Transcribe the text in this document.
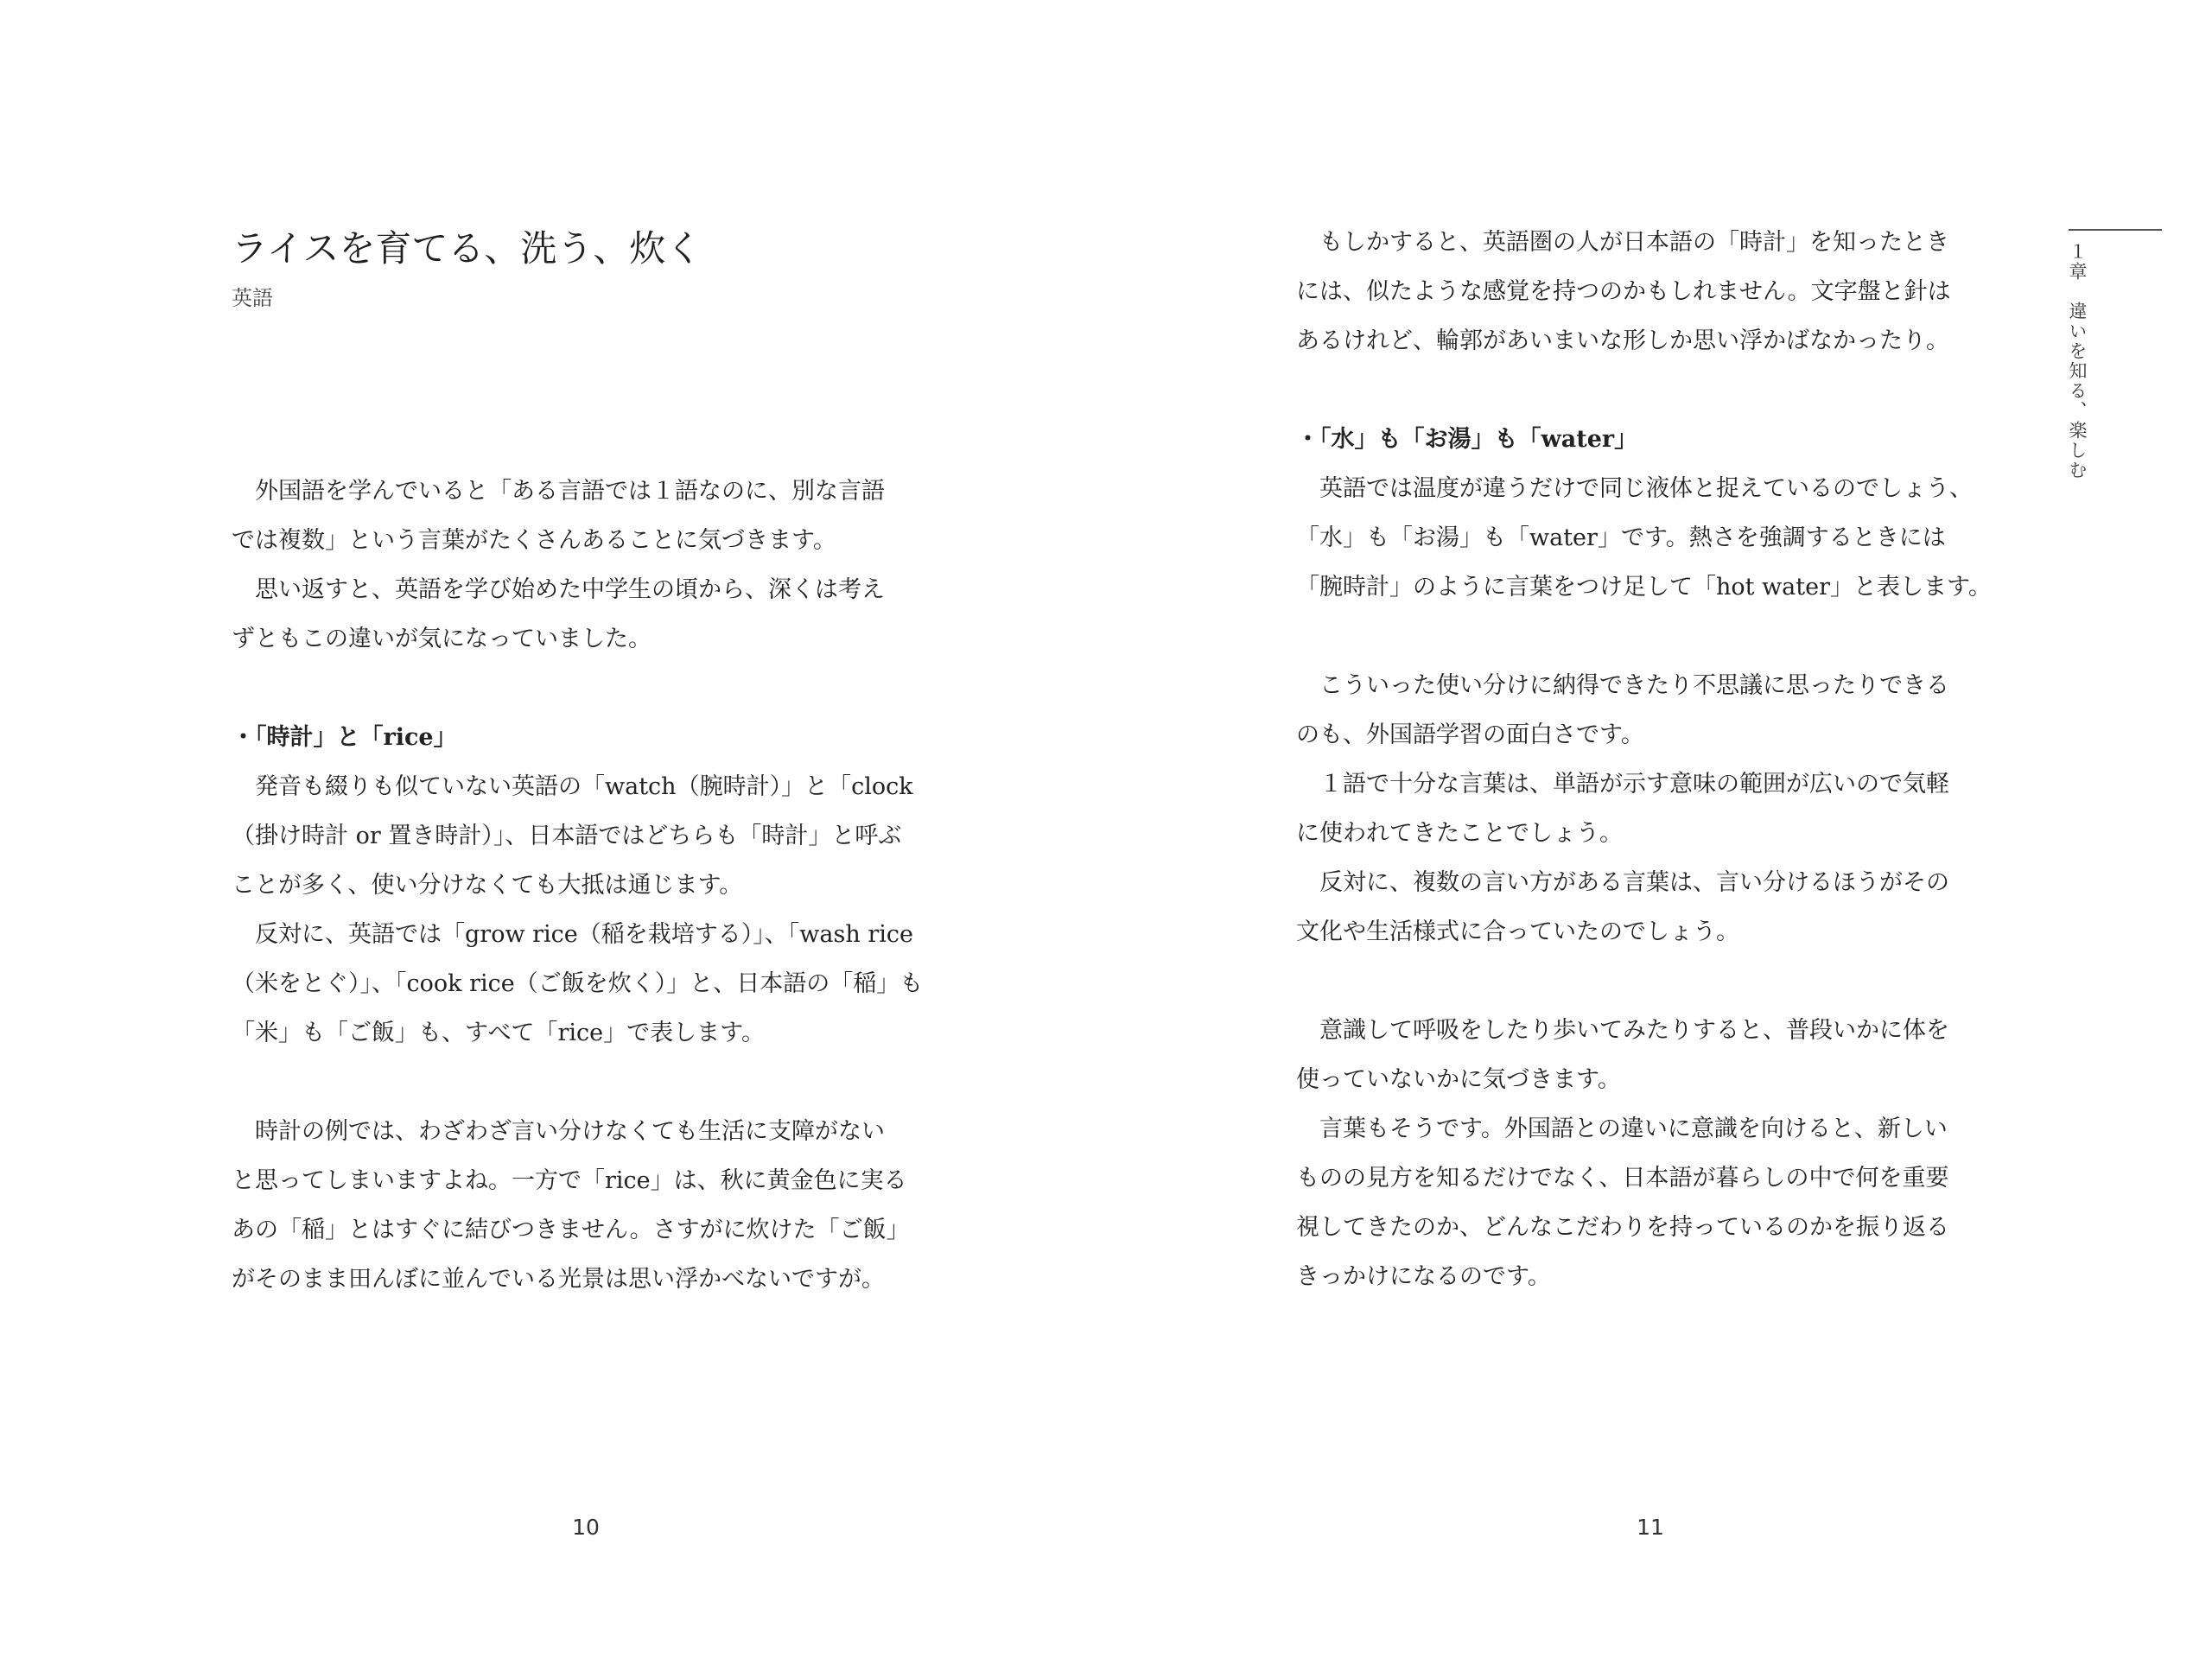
ライスを育てる、洗う、炊く
英語
　外国語を学んでいると「ある言語では１語なのに、別な言語
では複数」という言葉がたくさんあることに気づきます。
　思い返すと、英語を学び始めた中学生の頃から、深くは考え
ずともこの違いが気になっていました。
・「時計」と「rice」
　発音も綴りも似ていない英語の「watch（腕時計）」と「clock
（掛け時計 or 置き時計）」、日本語ではどちらも「時計」と呼ぶ
ことが多く、使い分けなくても大抵は通じます。
　反対に、英語では「grow rice（稲を栽培する）」、「wash rice
（米をとぐ）」、「cook rice（ご飯を炊く）」と、日本語の「稲」も
「米」も「ご飯」も、すべて「rice」で表します。
　時計の例では、わざわざ言い分けなくても生活に支障がない
と思ってしまいますよね。一方で「rice」は、秋に黄金色に実る
あの「稲」とはすぐに結びつきません。さすがに炊けた「ご飯」
がそのまま田んぼに並んでいる光景は思い浮かべないですが。
10
　もしかすると、英語圏の人が日本語の「時計」を知ったとき
には、似たような感覚を持つのかもしれません。文字盤と針は
あるけれど、輪郭があいまいな形しか思い浮かばなかったり。
・「水」も「お湯」も「water」
　英語では温度が違うだけで同じ液体と捉えているのでしょう、
「水」も「お湯」も「water」です。熱さを強調するときには
「腕時計」のように言葉をつけ足して「hot water」と表します。
　こういった使い分けに納得できたり不思議に思ったりできる
のも、外国語学習の面白さです。
　１語で十分な言葉は、単語が示す意味の範囲が広いので気軽
に使われてきたことでしょう。
　反対に、複数の言い方がある言葉は、言い分けるほうがその
文化や生活様式に合っていたのでしょう。
　意識して呼吸をしたり歩いてみたりすると、普段いかに体を
使っていないかに気づきます。
　言葉もそうです。外国語との違いに意識を向けると、新しい
ものの見方を知るだけでなく、日本語が暮らしの中で何を重要
視してきたのか、どんなこだわりを持っているのかを振り返る
きっかけになるのです。
１章　違いを知る、楽しむ
11
